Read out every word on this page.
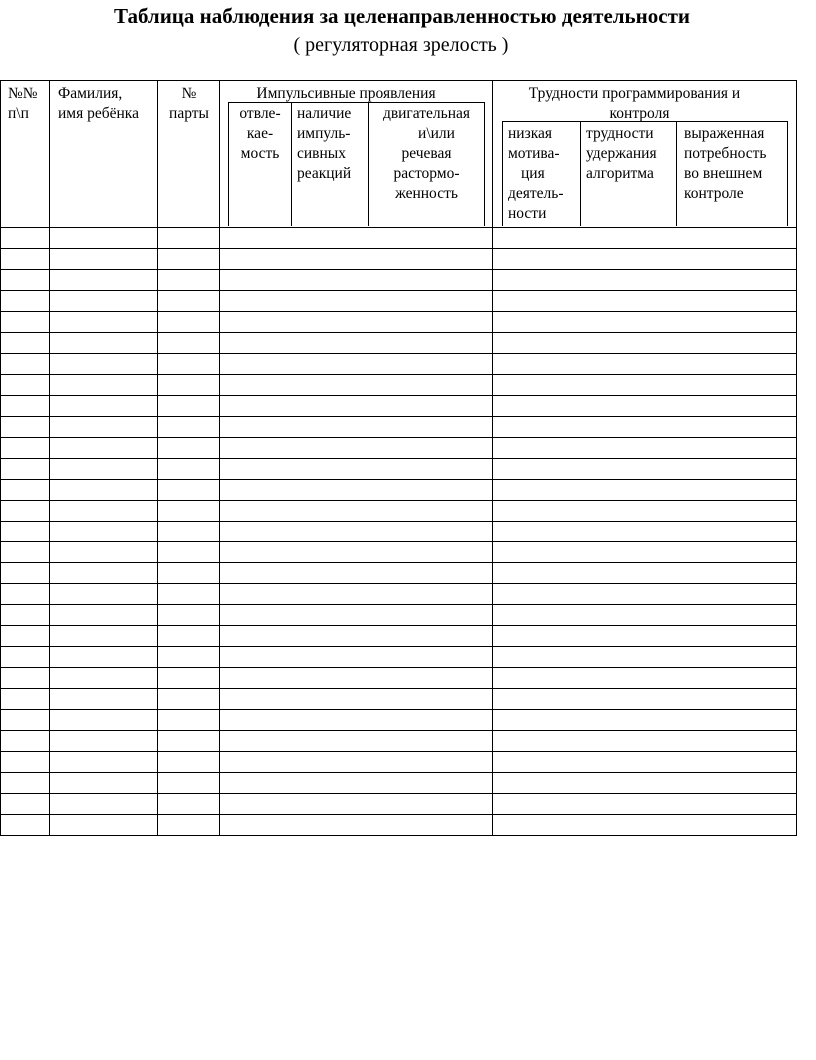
Таблица наблюдения за целенаправленностью деятельности
( регуляторная зрелость )
№№
п\п
Фамилия,
имя ребёнка
№
парты
Импульсивные проявления
отвле-
кае-
мость
наличие
импуль-
сивных
реакций
двигательная
и\или
речевая
растормо-
женность
Трудности программирования и
контроля
низкая
мотива-
ция
деятель-
ности
трудности
удержания
алгоритма
выраженная
потребность
во внешнем
контроле
